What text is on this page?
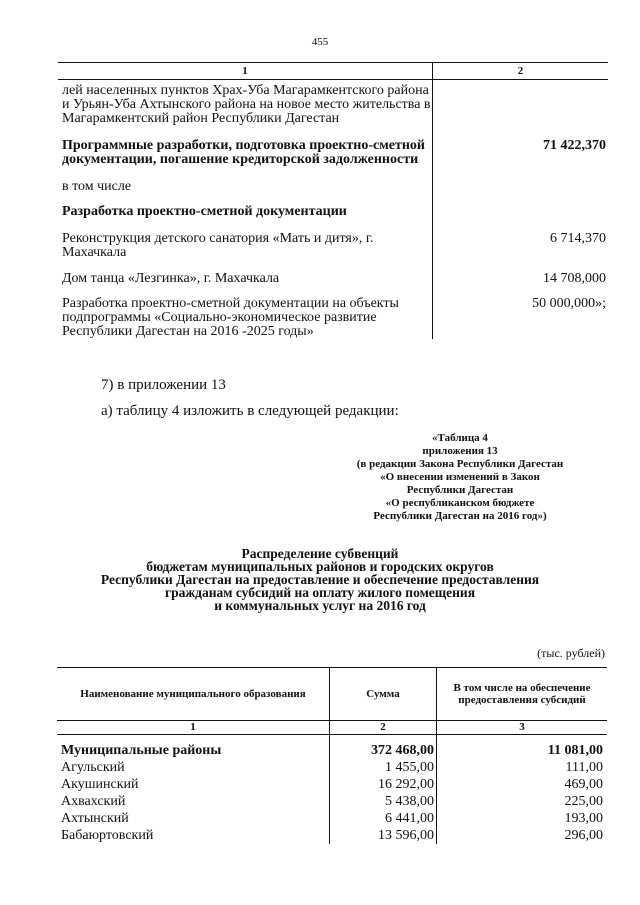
455
1	2
лей населенных пунктов Храх-Уба Магарамкентского района и Урьян-Уба Ахтынского района на новое место жительства в Магарамкентский район Республики Дагестан	
Программные разработки, подготовка проектно-сметной документации, погашение кредиторской задолженности	71 422,370
в том числе	
Разработка проектно-сметной документации	
Реконструкция детского санатория «Мать и дитя», г. Махачкала	6 714,370
Дом танца «Лезгинка», г. Махачкала	14 708,000
Разработка проектно-сметной документации на объекты подпрограммы «Социально-экономическое развитие Республики Дагестан на 2016 -2025 годы»	50 000,000»;
7) в приложении 13
а) таблицу 4 изложить в следующей редакции:
«Таблица 4
приложения 13
(в редакции Закона Республики Дагестан
«О внесении изменений в Закон
Республики Дагестан
«О республиканском бюджете
Республики Дагестан на 2016 год»)
Распределение субвенций
бюджетам муниципальных районов и городских округов
Республики Дагестан на предоставление и обеспечение предоставления
гражданам субсидий на оплату жилого помещения
и коммунальных услуг на 2016 год
(тыс. рублей)
Наименование муниципального образования	Сумма	В том числе на обеспечение предоставления субсидий
1	2	3
Муниципальные районы	372 468,00	11 081,00
Агульский	1 455,00	111,00
Акушинский	16 292,00	469,00
Ахвахский	5 438,00	225,00
Ахтынский	6 441,00	193,00
Бабаюртовский	13 596,00	296,00
